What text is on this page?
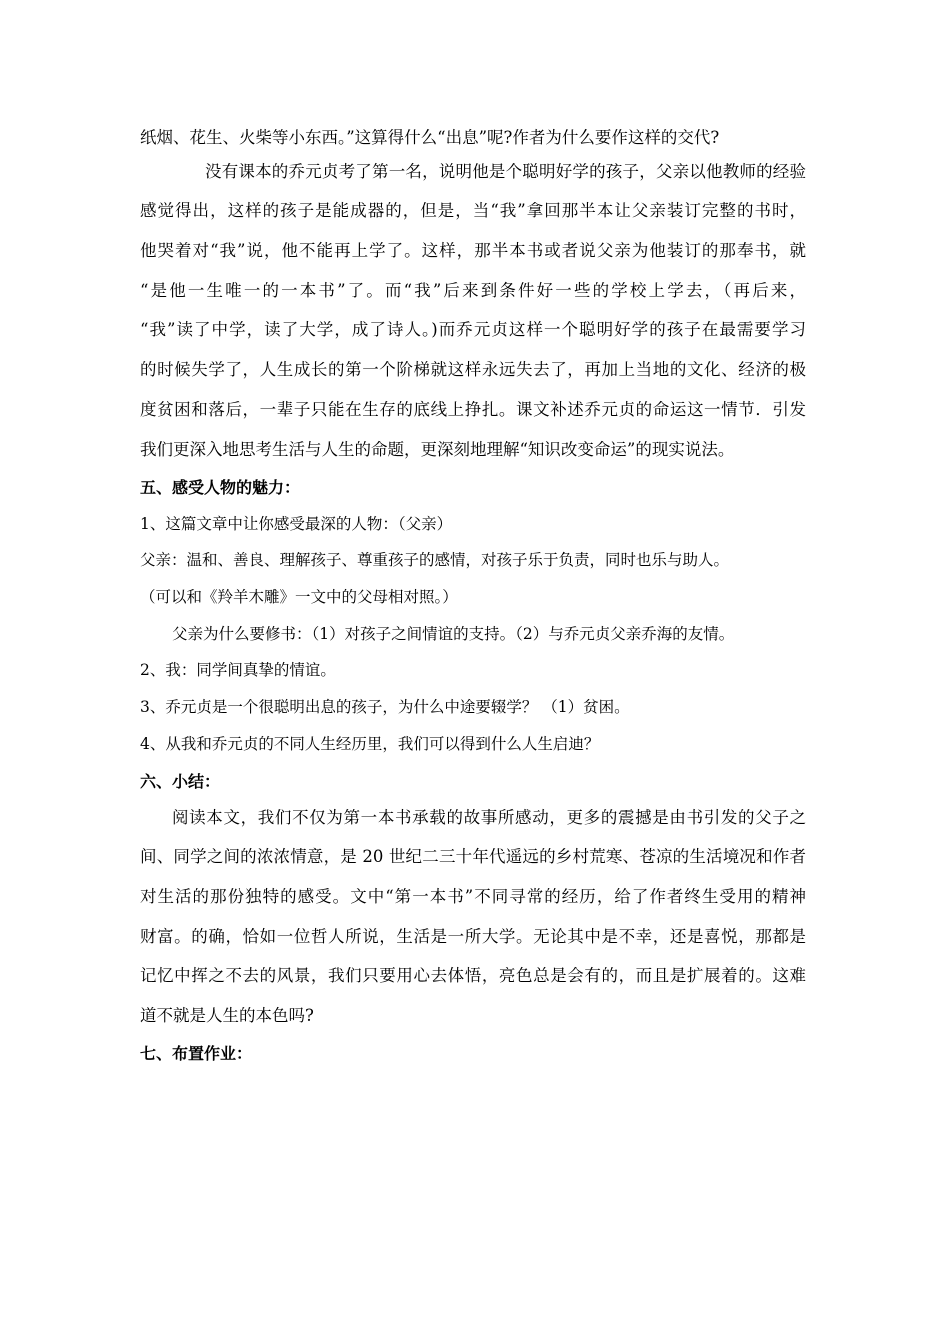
纸烟、花生、火柴等小东西。”这算得什么“出息”呢?作者为什么要作这样的交代?
没有课本的乔元贞考了第一名，说明他是个聪明好学的孩子，父亲以他教师的经验
感觉得出，这样的孩子是能成器的，但是，当“我”拿回那半本让父亲装订完整的书时，
他哭着对“我”说，他不能再上学了。这样，那半本书或者说父亲为他装订的那奉书，就
“是他一生唯一的一本书”了。而“我”后来到条件好一些的学校上学去，（再后来，
“我”读了中学，读了大学，成了诗人。)而乔元贞这样一个聪明好学的孩子在最需要学习
的时候失学了，人生成长的第一个阶梯就这样永远失去了，再加上当地的文化、经济的极
度贫困和落后，一辈子只能在生存的底线上挣扎。课文补述乔元贞的命运这一情节．引发
我们更深入地思考生活与人生的命题，更深刻地理解“知识改变命运”的现实说法。
五、感受人物的魅力：
1、这篇文章中让你感受最深的人物：（父亲）
父亲：温和、善良、理解孩子、尊重孩子的感情，对孩子乐于负责，同时也乐与助人。
（可以和《羚羊木雕》一文中的父母相对照。）
父亲为什么要修书：（1）对孩子之间情谊的支持。（2）与乔元贞父亲乔海的友情。
2、我：同学间真挚的情谊。
3、乔元贞是一个很聪明出息的孩子，为什么中途要辍学？ （1）贫困。
4、从我和乔元贞的不同人生经历里，我们可以得到什么人生启迪？
六、小结：
阅读本文，我们不仅为第一本书承载的故事所感动，更多的震撼是由书引发的父子之
间、同学之间的浓浓情意，是 20 世纪二三十年代遥远的乡村荒寒、苍凉的生活境况和作者
对生活的那份独特的感受。文中“第一本书”不同寻常的经历，给了作者终生受用的精神
财富。的确，恰如一位哲人所说，生活是一所大学。无论其中是不幸，还是喜悦，那都是
记忆中挥之不去的风景，我们只要用心去体悟，亮色总是会有的，而且是扩展着的。这难
道不就是人生的本色吗?
七、布置作业：
